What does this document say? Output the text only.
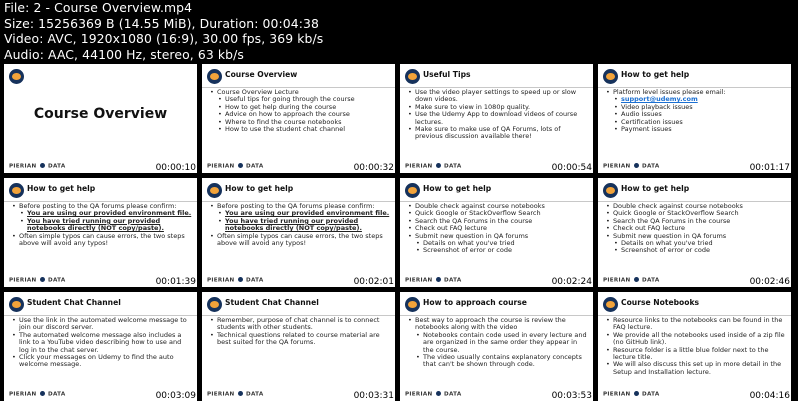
File: 2 - Course Overview.mp4
Size: 15256369 B (14.55 MiB), Duration: 00:04:38
Video: AVC, 1920x1080 (16:9), 30.00 fps, 369 kb/s
Audio: AAC, 44100 Hz, stereo, 63 kb/s
Course Overview
PIERIAN DATA	00:00:10
Course Overview
• Course Overview Lecture
• Useful tips for going through the course
• How to get help during the course
• Advice on how to approach the course
• Where to find the course notebooks
• How to use the student chat channel
PIERIAN DATA	00:00:32
Useful Tips
• Use the video player settings to speed up or slow down videos.
• Make sure to view in 1080p quality.
• Use the Udemy App to download videos of course lectures.
• Make sure to make use of QA Forums, lots of previous discussion available there!
PIERIAN DATA	00:00:54
How to get help
• Platform level issues please email:
• support@udemy.com
• Video playback issues
• Audio Issues
• Certification issues
• Payment issues
PIERIAN DATA	00:01:17
How to get help
• Before posting to the QA forums please confirm:
• You are using our provided environment file.
• You have tried running our provided notebooks directly (NOT copy/paste).
• Often simple typos can cause errors, the two steps above will avoid any typos!
PIERIAN DATA	00:01:39
How to get help
• Before posting to the QA forums please confirm:
• You are using our provided environment file.
• You have tried running our provided notebooks directly (NOT copy/paste).
• Often simple typos can cause errors, the two steps above will avoid any typos!
PIERIAN DATA	00:02:01
How to get help
• Double check against course notebooks
• Quick Google or StackOverflow Search
• Search the QA Forums in the course
• Check out FAQ lecture
• Submit new question in QA forums
• Details on what you've tried
• Screenshot of error or code
PIERIAN DATA	00:02:24
How to get help
• Double check against course notebooks
• Quick Google or StackOverflow Search
• Search the QA Forums in the course
• Check out FAQ lecture
• Submit new question in QA forums
• Details on what you've tried
• Screenshot of error or code
PIERIAN DATA	00:02:46
Student Chat Channel
• Use the link in the automated welcome message to join our discord server.
• The automated welcome message also includes a link to a YouTube video describing how to use and log in to the chat server.
• Click your messages on Udemy to find the auto welcome message.
PIERIAN DATA	00:03:09
Student Chat Channel
• Remember, purpose of chat channel is to connect students with other students.
• Technical questions related to course material are best suited for the QA forums.
PIERIAN DATA	00:03:31
How to approach course
• Best way to approach the course is review the notebooks along with the video
• Notebooks contain code used in every lecture and are organized in the same order they appear in the course.
• The video usually contains explanatory concepts that can't be shown through code.
PIERIAN DATA	00:03:53
Course Notebooks
• Resource links to the notebooks can be found in the FAQ lecture.
• We provide all the notebooks used inside of a zip file (no GitHub link).
• Resource folder is a little blue folder next to the lecture title.
• We will also discuss this set up in more detail in the Setup and Installation lecture.
PIERIAN DATA	00:04:16
